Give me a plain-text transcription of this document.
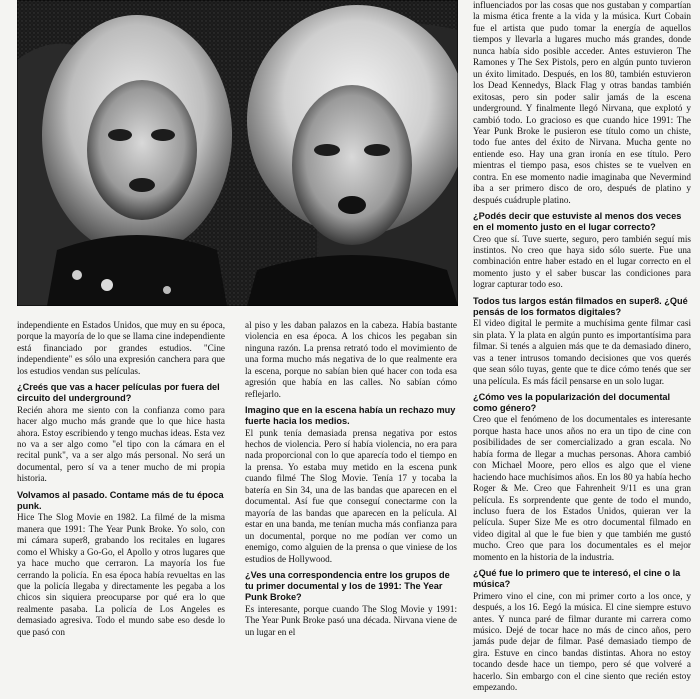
influenciados por las cosas que nos gustaban y compartían la misma ética frente a la vida y la música. Kurt Cobain fue el artista que pudo tomar la energía de aquellos tiempos y llevarla a lugares mucho más grandes, donde nunca había sido posible acceder. Antes estuvieron The Ramones y The Sex Pistols, pero en algún punto tuvieron un éxito limitado. Después, en los 80, también estuvieron los Dead Kennedys, Black Flag y otras bandas también exitosas, pero sin poder salir jamás de la escena underground. Y finalmente llegó Nirvana, que explotó y cambió todo. Lo gracioso es que cuando hice 1991: The Year Punk Broke le pusieron ese título como un chiste, todo fue antes del éxito de Nirvana. Mucha gente no entiende eso. Hay una gran ironía en ese título. Pero mientras el tiempo pasa, esos chistes se te vuelven en contra. En ese momento nadie imaginaba que Nevermind iba a ser primero disco de oro, después de platino y después cuádruple platino.

¿Podés decir que estuviste al menos dos veces en el momento justo en el lugar correcto?

Creo que sí. Tuve suerte, seguro, pero también seguí mis instintos. No creo que haya sido sólo suerte. Fue una combinación entre haber estado en el lugar correcto en el momento justo y el saber buscar las condiciones para lograr capturar todo eso.

Todos tus largos están filmados en super8. ¿Qué pensás de los formatos digitales?

El video digital le permite a muchísima gente filmar casi sin plata. Y la plata en algún punto es importantísima para filmar. Si tenés a alguien más que te da demasiado dinero, vas a tener intrusos tomando decisiones que vos querés que sean sólo tuyas, gente que te dice cómo tenés que ser una película. Es más fácil pensarse en un solo lugar.

¿Cómo ves la popularización del documental como género?

Creo que el fenómeno de los documentales es interesante porque hasta hace unos años no era un tipo de cine con posibilidades de ser comercializado a gran escala. No había forma de llegar a muchas personas. Ahora cambió con Michael Moore, pero ellos es algo que el viene haciendo hace muchísimos años. En los 80 ya había hecho Roger & Me. Creo que Fahrenheit 9/11 es una gran película. Es sorprendente que gente de todo el mundo, incluso fuera de los Estados Unidos, quieran ver la película. Super Size Me es otro documental filmado en video digital al que le fue bien y que también me gustó mucho. Creo que para los documentales es el mejor momento en la historia de la industria.

¿Qué fue lo primero que te interesó, el cine o la música?

Primero vino el cine, con mi primer corto a los once, y después, a los 16. Eegó la música. El cine siempre estuvo antes. Y nunca paré de filmar durante mi carrera como músico. Dejé de tocar hace no más de cinco años, pero jamás pude dejar de filmar. Pasé demasiado tiempo de gira. Estuve en cinco bandas distintas. Ahora no estoy tocando desde hace un tiempo, pero sé que volveré a hacerlo. Sin embargo con el cine siento que recién estoy empezando.

independiente en Estados Unidos, que muy en su época, porque la mayoría de lo que se llama cine independiente está financiado por grandes estudios. "Cine independiente" es sólo una expresión canchera para que los estudios vendan sus películas.

¿Creés que vas a hacer películas por fuera del circuito del underground?

Recién ahora me siento con la confianza como para hacer algo mucho más grande que lo que hice hasta ahora. Estoy escribiendo y tengo muchas ideas. Esta vez no va a ser algo como "el tipo con la cámara en el recital punk", va a ser algo más personal. No será un documental, pero sí va a tener mucho de mi propia historia.

Volvamos al pasado. Contame más de tu época punk.

Hice The Slog Movie en 1982. La filmé de la misma manera que 1991: The Year Punk Broke. Yo solo, con mi cámara super8, grabando los recitales en lugares como el Whisky a Go-Go, el Apollo y otros lugares que ya hace mucho que cerraron. La mayoría los fue cerrando la policía. En esa época había revueltas en las que la policía llegaba y directamente les pegaba a los chicos sin siquiera preocuparse por qué era lo que realmente pasaba. La policía de Los Angeles es demasiado agresiva. Todo el mundo sabe eso desde lo que pasó con

al piso y les daban palazos en la cabeza. Había bastante violencia en esa época. A los chicos les pegaban sin ninguna razón. La prensa retrató todo el movimiento de una forma mucho más negativa de lo que realmente era la escena, porque no sabían bien qué hacer con toda esa agresión que había en las calles. No sabían cómo reflejarlo.

Imagino que en la escena había un rechazo muy fuerte hacia los medios.

El punk tenía demasiada prensa negativa por estos hechos de violencia. Pero sí había violencia, no era para nada proporcional con lo que aparecía todo el tiempo en la prensa. Yo estaba muy metido en la escena punk cuando filmé The Slog Movie. Tenía 17 y tocaba la batería en Sin 34, una de las bandas que aparecen en el documental. Así fue que conseguí conectarme con la mayoría de las bandas que aparecen en la película. Al estar en una banda, me tenían mucha más confianza para un documental, porque no me podían ver como un enemigo, como alguien de la prensa o que viniese de los estudios de Hollywood.

¿Ves una correspondencia entre los grupos de tu primer documental y los de 1991: The Year Punk Broke?

Es interesante, porque cuando The Slog Movie y 1991: The Year Punk Broke pasó una década. Nirvana viene de un lugar en el
